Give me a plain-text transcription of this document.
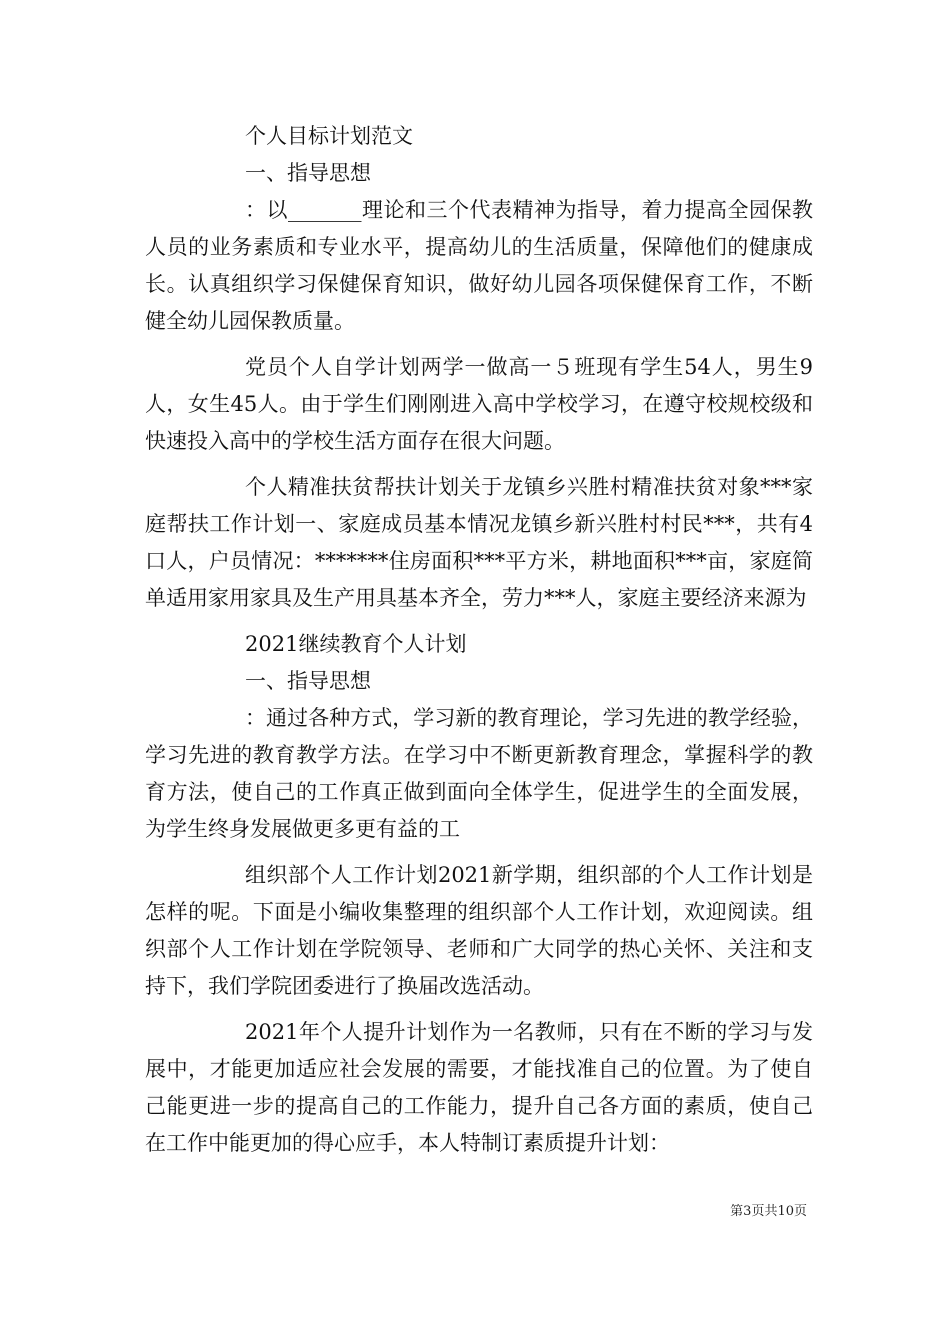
个人目标计划范文

一、指导思想

：以_______理论和三个代表精神为指导，着力提高全园保教人员的业务素质和专业水平，提高幼儿的生活质量，保障他们的健康成长。认真组织学习保健保育知识，做好幼儿园各项保健保育工作，不断健全幼儿园保教质量。

党员个人自学计划两学一做高一５班现有学生54人，男生9人，女生45人。由于学生们刚刚进入高中学校学习，在遵守校规校级和快速投入高中的学校生活方面存在很大问题。

个人精准扶贫帮扶计划关于龙镇乡兴胜村精准扶贫对象***家庭帮扶工作计划一、家庭成员基本情况龙镇乡新兴胜村村民***，共有4口人，户员情况：*******住房面积***平方米，耕地面积***亩，家庭简单适用家用家具及生产用具基本齐全，劳力***人，家庭主要经济来源为

2021继续教育个人计划

一、指导思想

：通过各种方式，学习新的教育理论，学习先进的教学经验，学习先进的教育教学方法。在学习中不断更新教育理念，掌握科学的教育方法，使自己的工作真正做到面向全体学生，促进学生的全面发展，为学生终身发展做更多更有益的工

组织部个人工作计划2021新学期，组织部的个人工作计划是怎样的呢。下面是小编收集整理的组织部个人工作计划，欢迎阅读。组织部个人工作计划在学院领导、老师和广大同学的热心关怀、关注和支持下，我们学院团委进行了换届改选活动。

2021年个人提升计划作为一名教师，只有在不断的学习与发展中，才能更加适应社会发展的需要，才能找准自己的位置。为了使自己能更进一步的提高自己的工作能力，提升自己各方面的素质，使自己在工作中能更加的得心应手，本人特制订素质提升计划：

第3页共10页
